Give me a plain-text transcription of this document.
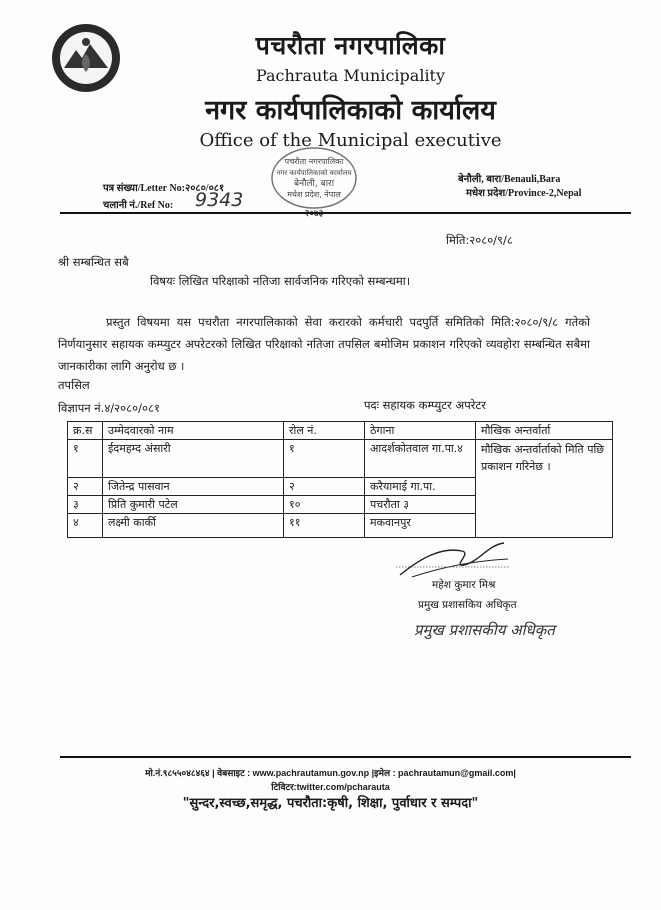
पचरौता नगरपालिका
Pachrauta Municipality
नगर कार्यपालिकाको कार्यालय
Office of the Municipal executive
पचरौता नगरपालिका
नगर कार्यपालिकाको कार्यालय
बेनौली, बारा
मधेश प्रदेश, नेपाल
२०७३
बेनौली, बारा/Benauli,Bara
मधेश प्रदेश/Province-2,Nepal
पत्र संख्या/Letter No:२०८०/०८१
चलानी नं./Ref No: 9343
मिति:२०८०/९/८
श्री सम्बन्धित सबै
विषयः लिखित परिक्षाको नतिजा सार्वजनिक गरिएको सम्बन्धमा।
प्रस्तुत विषयमा यस पचरौता नगरपालिकाको सेवा करारको कर्मचारी पदपुर्ति समितिको मिति:२०८०/९/८ गतेको निर्णयानुसार सहायक कम्प्युटर अपरेटरको लिखित परिक्षाको नतिजा तपसिल बमोजिम प्रकाशन गरिएको व्यवहोरा सम्बन्धित सबैमा जानकारीका लागि अनुरोध छ ।
तपसिल
विज्ञापन नं.४/२०८०/०८१	पदः सहायक कम्प्युटर अपरेटर
क्र.स	उम्मेदवारको नाम	रोल नं.	ठेगाना	मौखिक अन्तर्वार्ता
१	ईदमहम्द अंसारी	१	आदर्शकोतवाल गा.पा.४	मौखिक अन्तर्वार्ताको मिति पछि प्रकाशन गरिनेछ ।
२	जितेन्द्र पासवान	२	करैयामाई गा.पा.	
३	प्रिति कुमारी पटेल	१०	पचरौता ३	
४	लक्ष्मी कार्की	११	मकवानपुर	
महेश कुमार मिश्र
प्रमुख प्रशासकिय अधिकृत
प्रमुख प्रशासकीय अधिकृत
मो.नं.९८५५०४८४६४ | वेबसाइट : www.pachrautamun.gov.np |इमेल : pachrautamun@gmail.com|
टिविटर:twitter.com/pcharauta
"सुन्दर,स्वच्छ,समृद्ध, पचरौता:कृषी, शिक्षा, पुर्वाधार र सम्पदा"
